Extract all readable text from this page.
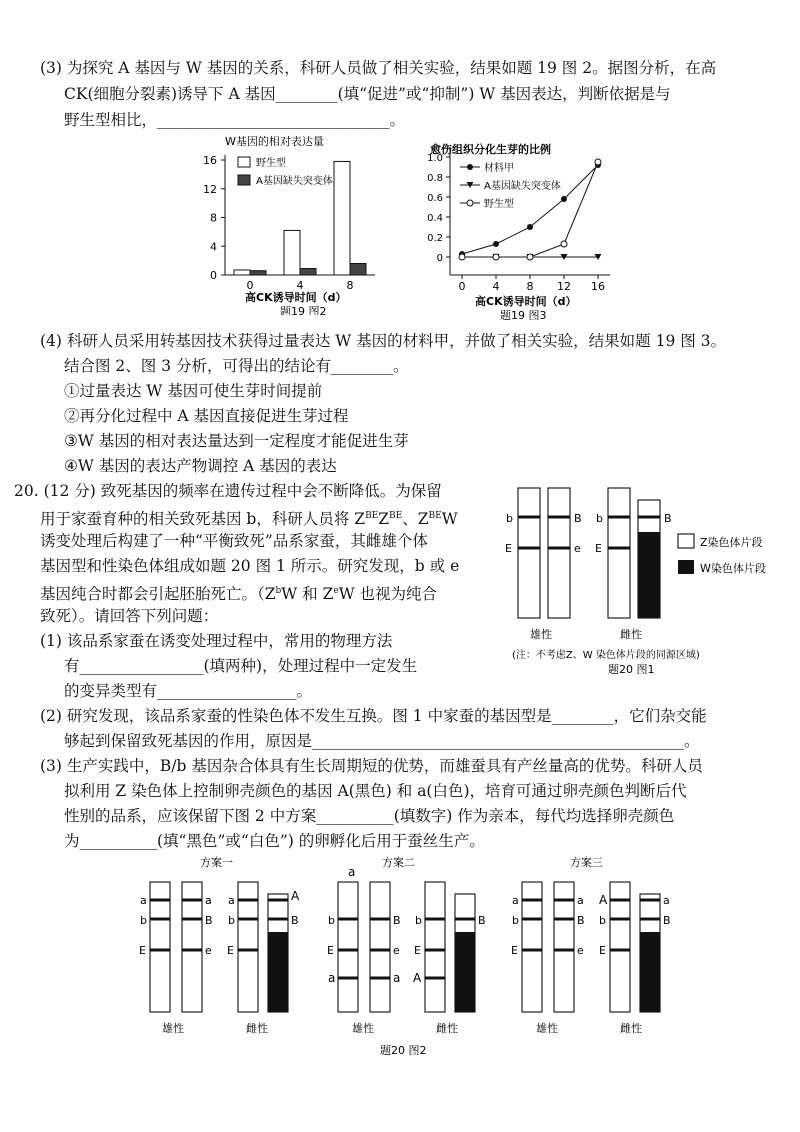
(3) 为探究 A 基因与 W 基因的关系，科研人员做了相关实验，结果如题 19 图 2。据图分析，在高
CK(细胞分裂素)诱导下 A 基因________(填“促进”或“抑制”) W 基因表达，判断依据是与
野生型相比，______________________________。
W基因的相对表达量
0
4
8
12
16
0	4	8
野生型
A基因缺失突变体
高CK诱导时间（d）
题19 图2
愈伤组织分化生芽的比例
0
0.2
0.4
0.6
0.8
1.0
0 4 8 12 16
材料甲
A基因缺失突变体
野生型
高CK诱导时间（d）
题19 图3
(4) 科研人员采用转基因技术获得过量表达 W 基因的材料甲，并做了相关实验，结果如题 19 图 3。
结合图 2、图 3 分析，可得出的结论有________。
①过量表达 W 基因可使生芽时间提前
②再分化过程中 A 基因直接促进生芽过程
③W 基因的相对表达量达到一定程度才能促进生芽
④W 基因的表达产物调控 A 基因的表达
20. (12 分) 致死基因的频率在遗传过程中会不断降低。为保留
用于家蚕育种的相关致死基因 b，科研人员将 $Z^{BE}Z^{BE}$、$Z^{BE}W$
诱变处理后构建了一种“平衡致死”品系家蚕，其雌雄个体
基因型和性染色体组成如题 20 图 1 所示。研究发现，b 或 e
基因纯合时都会引起胚胎死亡。（$Z^bW$ 和 $Z^eW$ 也视为纯合
致死）。请回答下列问题：
(1) 该品系家蚕在诱变处理过程中，常用的物理方法
有________________(填两种)，处理过程中一定发生
的变异类型有__________________。
b	B
E	e
b
E
B
Z染色体片段
W染色体片段
雄性	雌性
(注：不考虑Z、W 染色体片段的同源区域)
题20 图1
(2) 研究发现，该品系家蚕的性染色体不发生互换。图 1 中家蚕的基因型是________，它们杂交能
够起到保留致死基因的作用，原因是________________________________________________。
(3) 生产实践中，B/b 基因杂合体具有生长周期短的优势，而雄蚕具有产丝量高的优势。科研人员
拟利用 Z 染色体上控制卵壳颜色的基因 A(黑色) 和 a(白色)，培育可通过卵壳颜色判断后代
性别的品系，应该保留下图 2 中方案__________(填数字) 作为亲本，每代均选择卵壳颜色
为__________(填“黑色”或“白色”) 的卵孵化后用于蚕丝生产。
方案一
a	a
b	B
E	e
a
b
E
A
B
雄性	雌性
方案二
a
b	B
E	e
a	a
b
E
A
B
雄性	雌性
方案三
a	a
b	B
E	e
A
b
E
a
B
雄性	雌性
题20 图2
